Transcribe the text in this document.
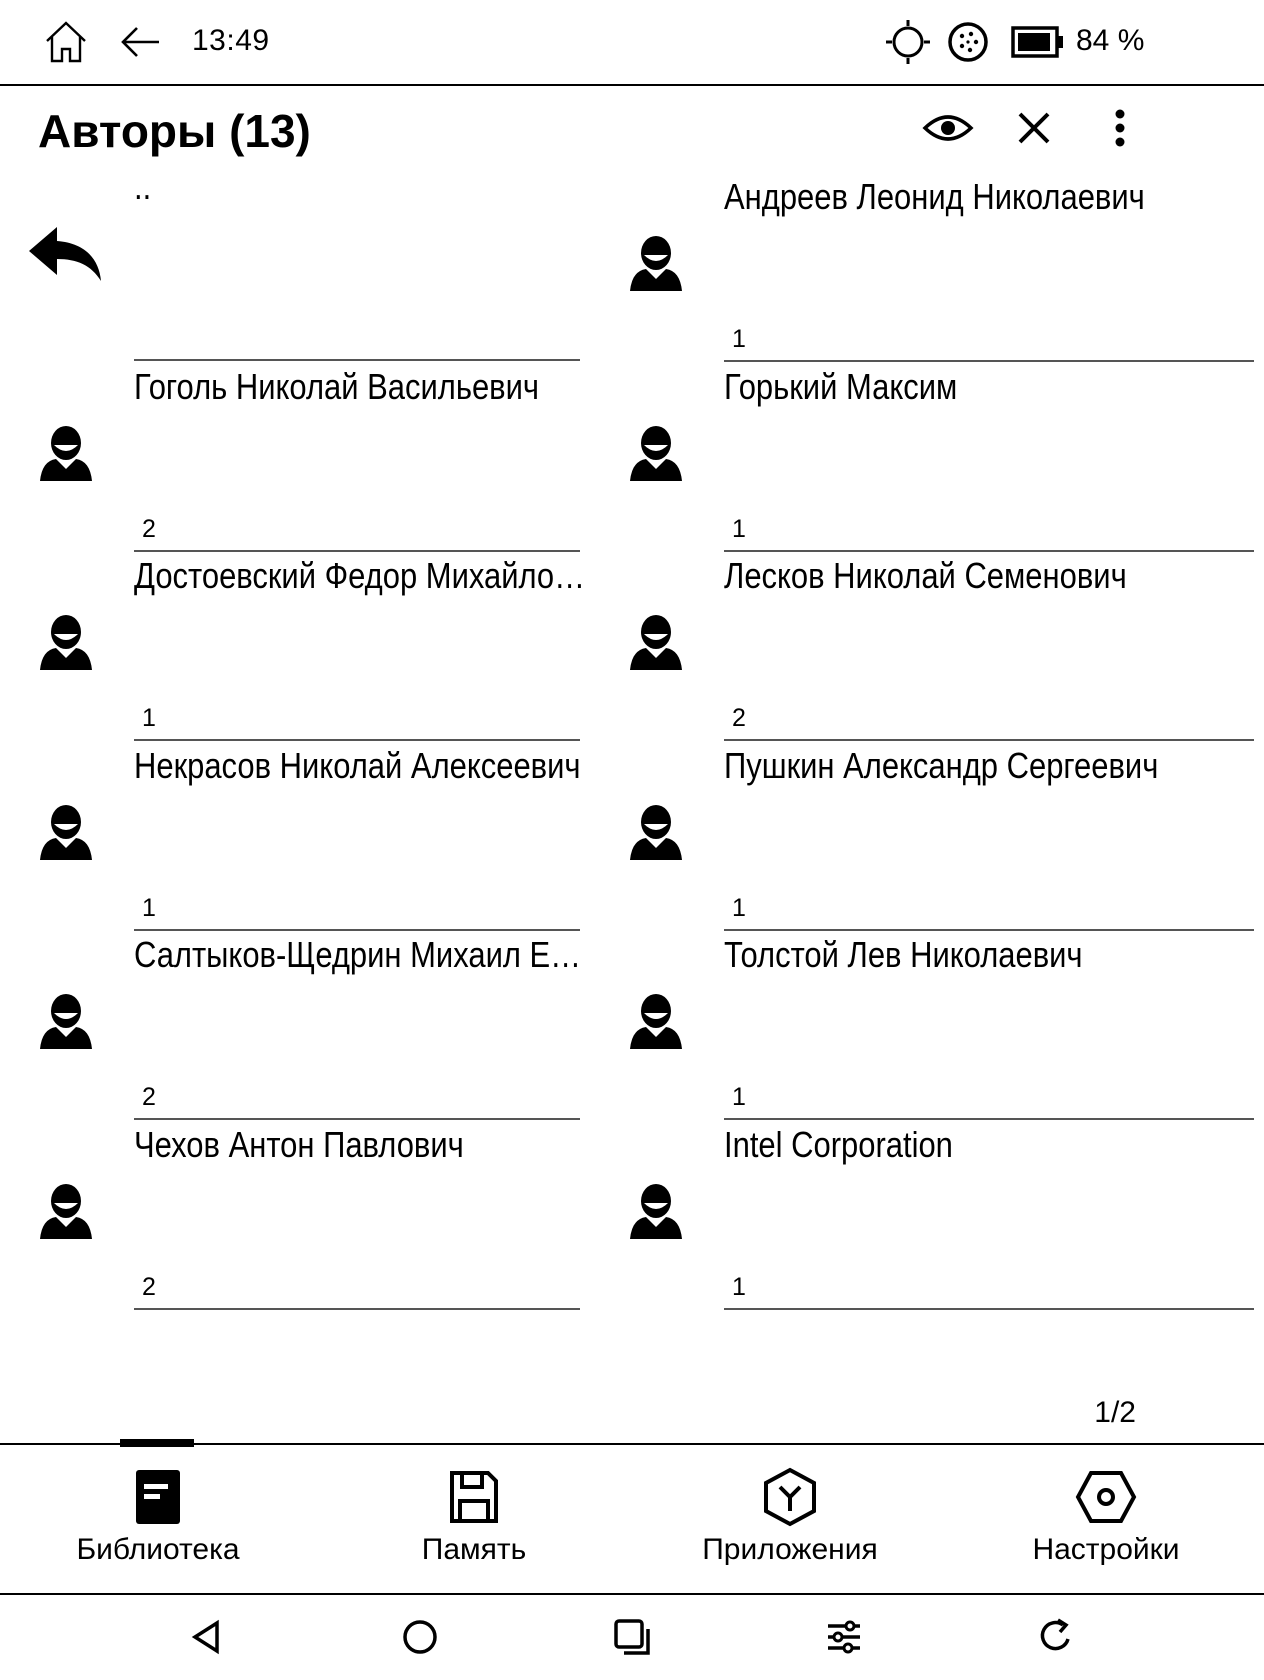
13:49	84 %
Авторы (13)
..	Андреев Леонид Николаевич
1
Гоголь Николай Васильевич
2
Горький Максим
1
Достоевский Федор Михайло…
1
Лесков Николай Семенович
2
Некрасов Николай Алексеевич
1
Пушкин Александр Сергеевич
1
Салтыков-Щедрин Михаил Е…
2
Толстой Лев Николаевич
1
Чехов Антон Павлович
2
Intel Corporation
1
1/2
Библиотека	Память	Приложения	Настройки
